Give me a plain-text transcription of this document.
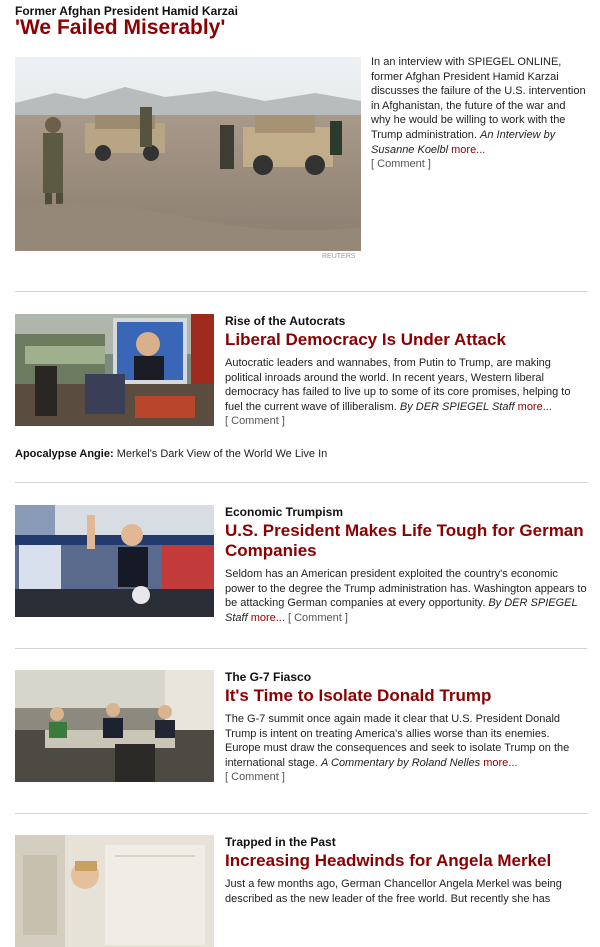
Former Afghan President Hamid Karzai
'We Failed Miserably'
REUTERS
In an interview with SPIEGEL ONLINE, former Afghan President Hamid Karzai discusses the failure of the U.S. intervention in Afghanistan, the future of the war and why he would be willing to work with the Trump administration. An Interview by Susanne Koelbl more...
[ Comment ]
Rise of the Autocrats
Liberal Democracy Is Under Attack

Autocratic leaders and wannabes, from Putin to Trump, are making political inroads around the world. In recent years, Western liberal democracy has failed to live up to some of its core promises, helping to fuel the current wave of illiberalism. By DER SPIEGEL Staff more...
[ Comment ]

Apocalypse Angie: Merkel's Dark View of the World We Live In
Economic Trumpism
U.S. President Makes Life Tough for German Companies

Seldom has an American president exploited the country's economic power to the degree the Trump administration has. Washington appears to be attacking German companies at every opportunity. By DER SPIEGEL Staff more... [ Comment ]

The G-7 Fiasco
It's Time to Isolate Donald Trump

The G-7 summit once again made it clear that U.S. President Donald Trump is intent on treating America's allies worse than its enemies. Europe must draw the consequences and seek to isolate Trump on the international stage. A Commentary by Roland Nelles more...
[ Comment ]

Trapped in the Past
Increasing Headwinds for Angela Merkel

Just a few months ago, German Chancellor Angela Merkel was being described as the new leader of the free world. But recently she has
